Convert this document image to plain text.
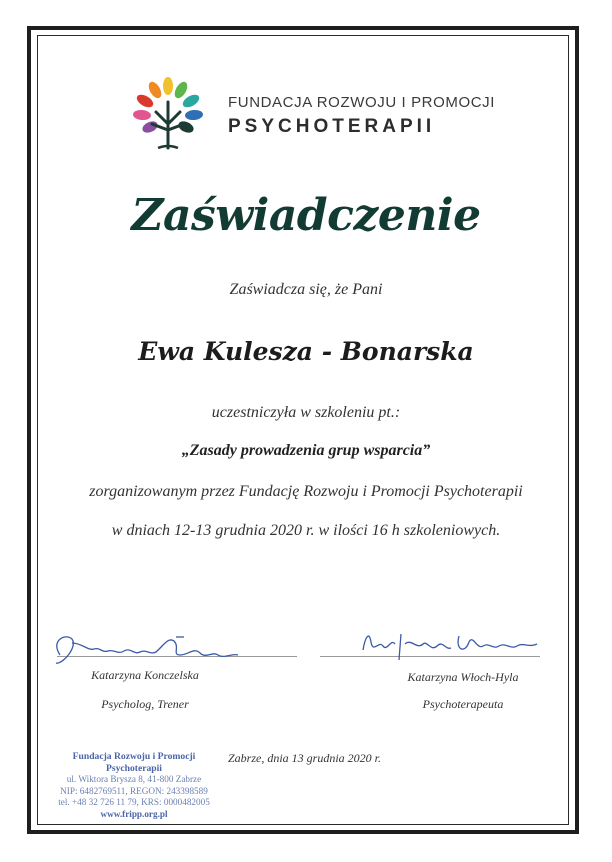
FUNDACJA ROZWOJU I PROMOCJI
PSYCHOTERAPII
Zaświadczenie
Zaświadcza się, że Pani
Ewa Kulesza - Bonarska
uczestniczyła w szkoleniu pt.:
„Zasady prowadzenia grup wsparcia”
zorganizowanym przez Fundację Rozwoju i Promocji Psychoterapii
w dniach 12-13 grudnia 2020 r. w ilości 16 h szkoleniowych.
Katarzyna Konczelska
Psycholog, Trener
Katarzyna Włoch-Hyla
Psychoterapeuta
Fundacja Rozwoju i Promocji Psychoterapii
ul. Wiktora Brysza 8, 41-800 Zabrze
NIP: 6482769511, REGON: 243398589
tel. +48 32 726 11 79, KRS: 0000482005
www.fripp.org.pl
Zabrze, dnia 13 grudnia 2020 r.
